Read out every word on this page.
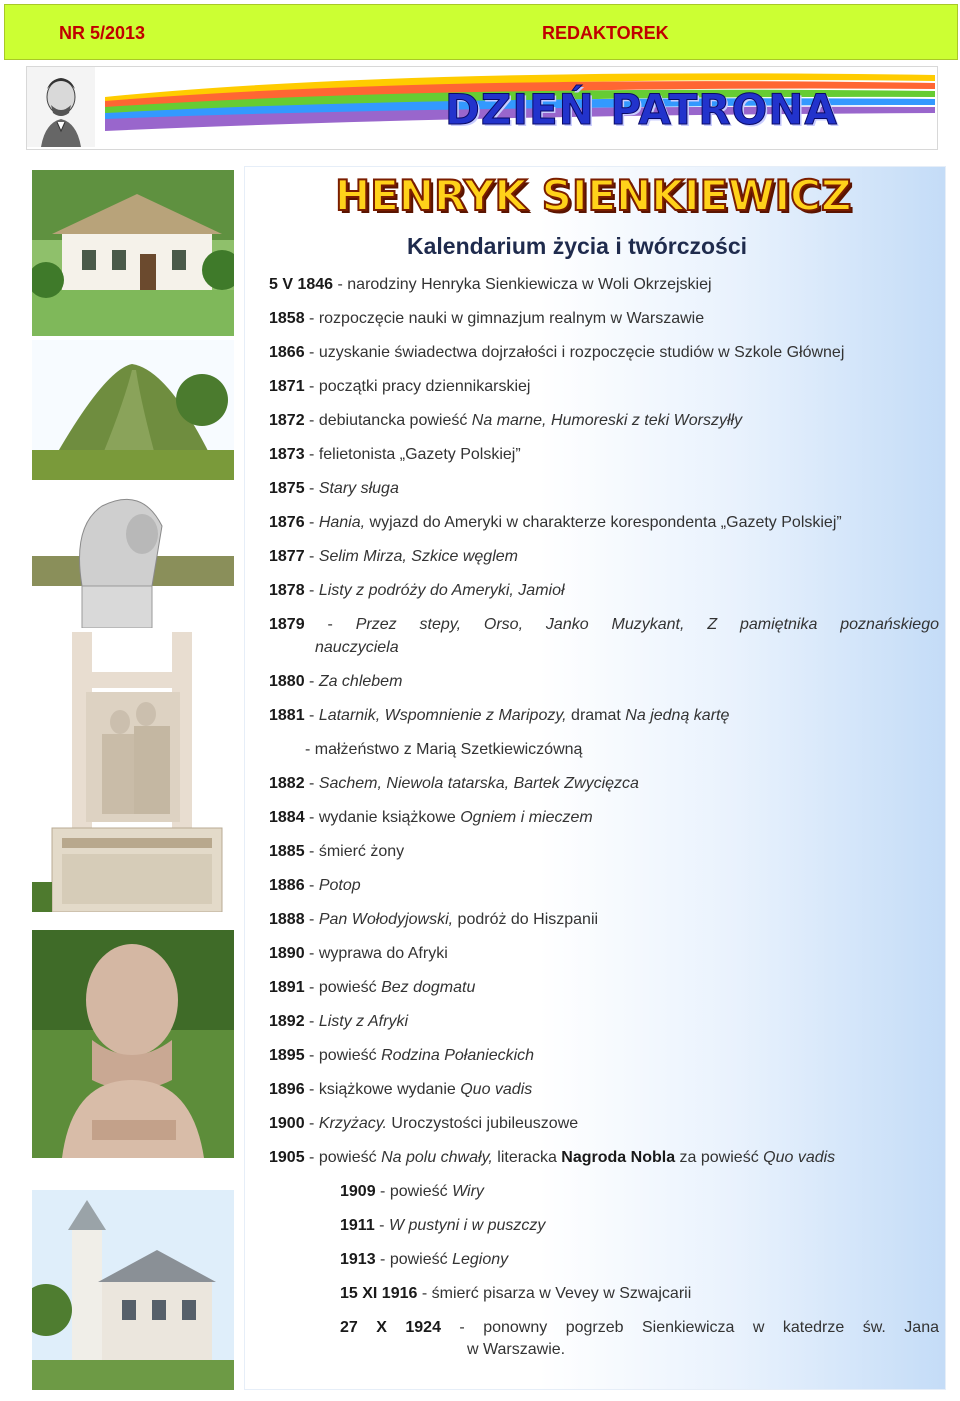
NR 5/2013	REDAKTOREK
DZIEŃ PATRONA
HENRYK SIENKIEWICZ
Kalendarium życia i twórczości
5 V 1846 - narodziny Henryka Sienkiewicza w Woli Okrzejskiej
1858 - rozpoczęcie nauki w gimnazjum realnym w Warszawie
1866 - uzyskanie świadectwa dojrzałości i rozpoczęcie studiów w Szkole Głównej
1871 - początki pracy dziennikarskiej
1872 - debiutancka powieść Na marne, Humoreski z teki Worszyłły
1873 - felietonista „Gazety Polskiej”
1875 - Stary sługa
1876 - Hania, wyjazd do Ameryki w charakterze korespondenta „Gazety Polskiej”
1877 - Selim Mirza, Szkice węglem
1878 - Listy z podróży do Ameryki, Jamioł
1879 - Przez stepy, Orso, Janko Muzykant, Z pamiętnika poznańskiego
nauczyciela
1880 - Za chlebem
1881 - Latarnik, Wspomnienie z Maripozy, dramat Na jedną kartę
- małżeństwo z Marią Szetkiewiczówną
1882 - Sachem, Niewola tatarska, Bartek Zwycięzca
1884 - wydanie książkowe Ogniem i mieczem
1885 - śmierć żony
1886 - Potop
1888 - Pan Wołodyjowski, podróż do Hiszpanii
1890 - wyprawa do Afryki
1891 - powieść Bez dogmatu
1892 - Listy z Afryki
1895 - powieść Rodzina Połanieckich
1896 - książkowe wydanie Quo vadis
1900 - Krzyżacy. Uroczystości jubileuszowe
1905 - powieść Na polu chwały, literacka Nagroda Nobla za powieść Quo vadis
1909 - powieść Wiry
1911 - W pustyni i w puszczy
1913 - powieść Legiony
15 XI 1916 - śmierć pisarza w Vevey w Szwajcarii
27 X 1924 - ponowny pogrzeb Sienkiewicza w katedrze św. Jana
w Warszawie.
